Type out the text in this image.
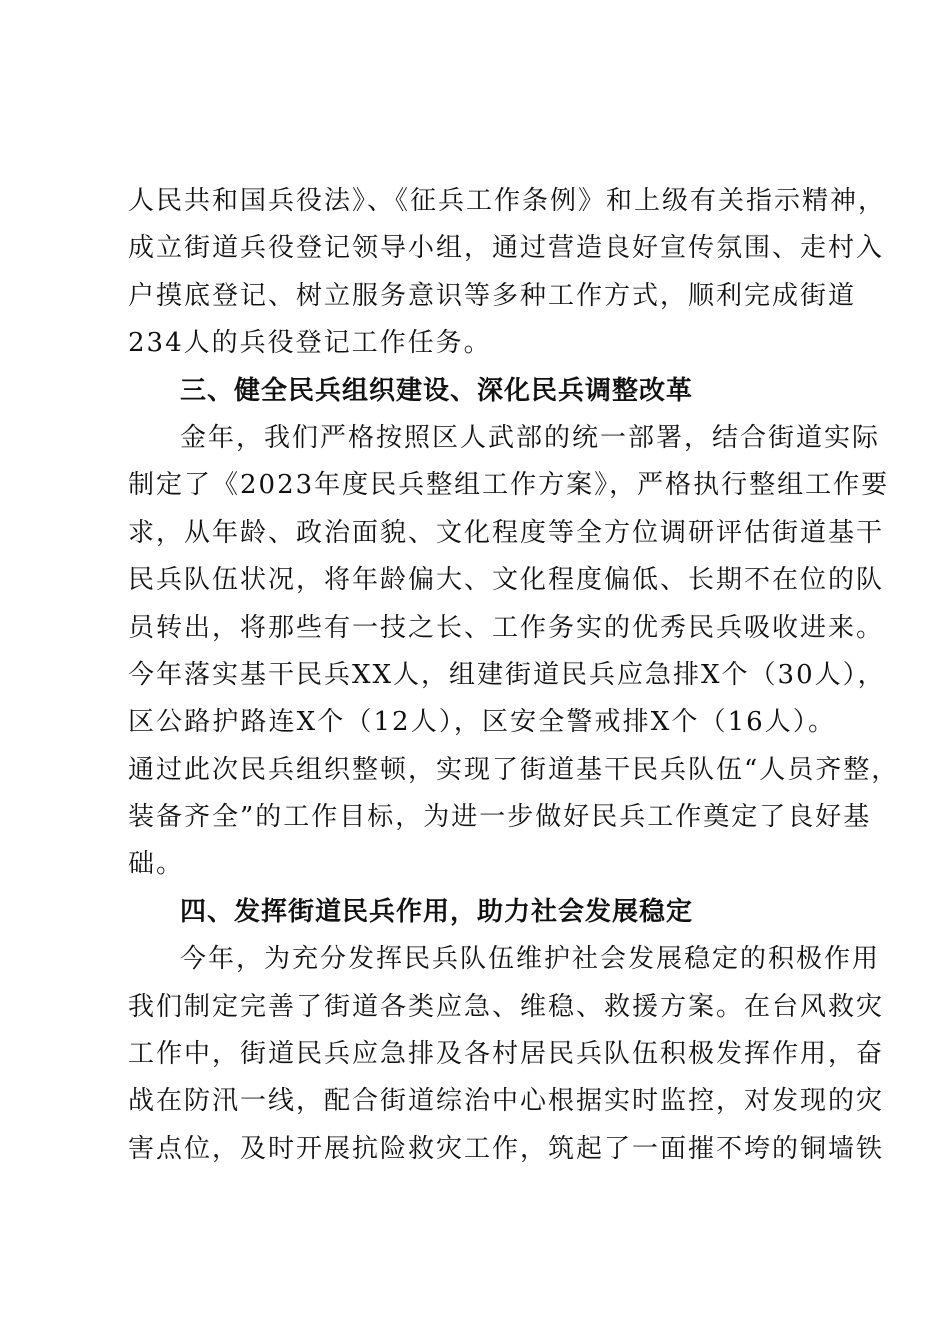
人民共和国兵役法》、《征兵工作条例》和上级有关指示精神，
成立街道兵役登记领导小组，通过营造良好宣传氛围、走村入
户摸底登记、树立服务意识等多种工作方式，顺利完成街道
234人的兵役登记工作任务。
三、健全民兵组织建设、深化民兵调整改革
金年，我们严格按照区人武部的统一部署，结合街道实际
制定了《2023年度民兵整组工作方案》，严格执行整组工作要
求，从年龄、政治面貌、文化程度等全方位调研评估街道基干
民兵队伍状况，将年龄偏大、文化程度偏低、长期不在位的队
员转出，将那些有一技之长、工作务实的优秀民兵吸收进来。
今年落实基干民兵XX人，组建街道民兵应急排X个（30人），
区公路护路连X个（12人），区安全警戒排X个（16人）。
通过此次民兵组织整顿，实现了街道基干民兵队伍“人员齐整，
装备齐全”的工作目标，为进一步做好民兵工作奠定了良好基
础。
四、发挥街道民兵作用，助力社会发展稳定
今年，为充分发挥民兵队伍维护社会发展稳定的积极作用
我们制定完善了街道各类应急、维稳、救援方案。在台风救灾
工作中，街道民兵应急排及各村居民兵队伍积极发挥作用，奋
战在防汛一线，配合街道综治中心根据实时监控，对发现的灾
害点位，及时开展抗险救灾工作，筑起了一面摧不垮的铜墙铁
